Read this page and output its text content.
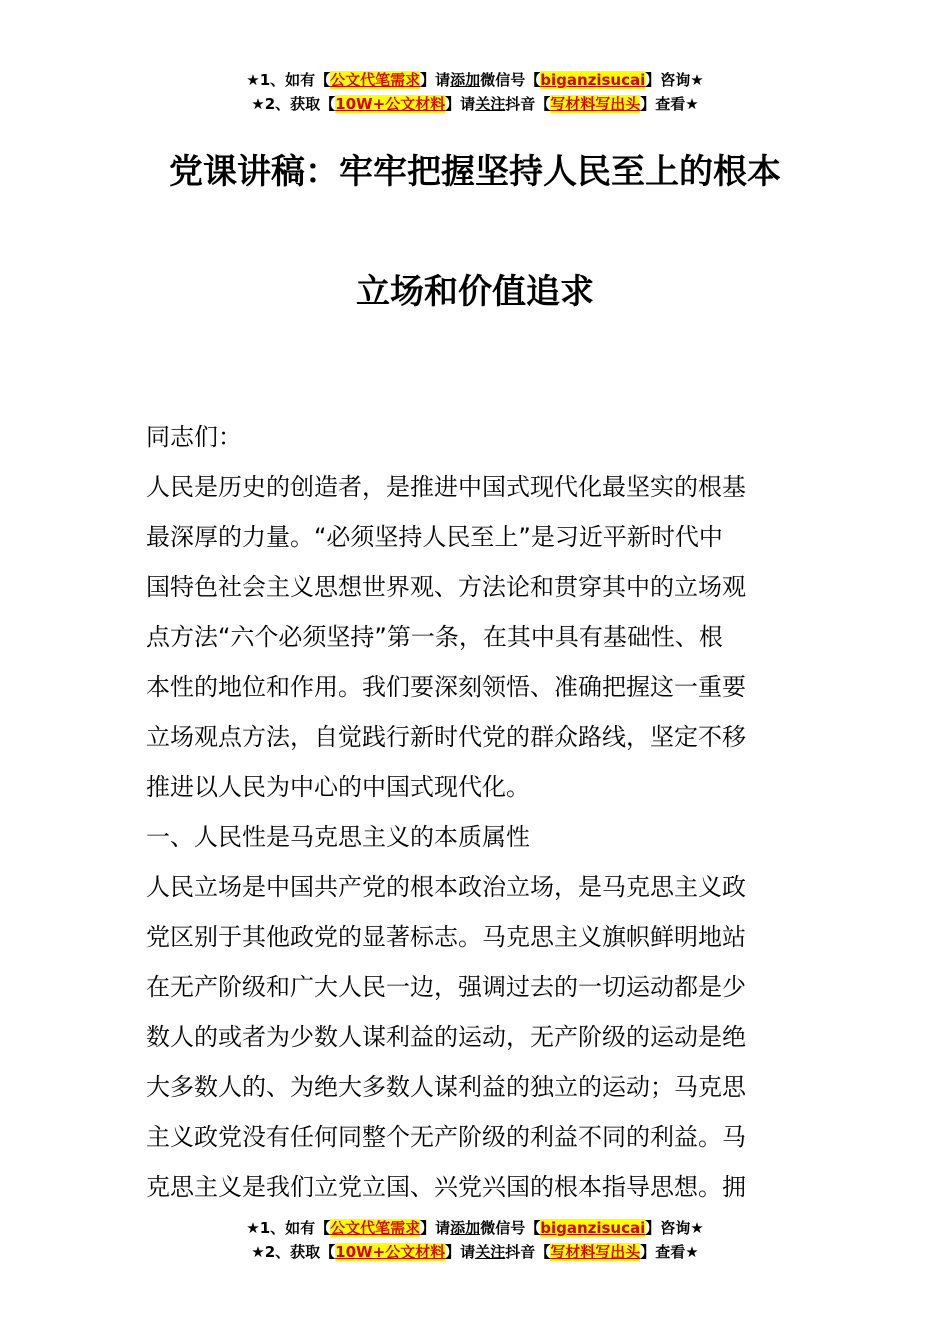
★1、如有【公文代笔需求】请添加微信号【biganzisucai】咨询★
★2、获取【10W+公文材料】请关注抖音【写材料写出头】查看★
党课讲稿：牢牢把握坚持人民至上的根本
立场和价值追求

同志们：

人民是历史的创造者，是推进中国式现代化最坚实的根基

最深厚的力量。“必须坚持人民至上”是习近平新时代中

国特色社会主义思想世界观、方法论和贯穿其中的立场观

点方法“六个必须坚持”第一条，在其中具有基础性、根

本性的地位和作用。我们要深刻领悟、准确把握这一重要

立场观点方法，自觉践行新时代党的群众路线，坚定不移

推进以人民为中心的中国式现代化。

一、人民性是马克思主义的本质属性

人民立场是中国共产党的根本政治立场，是马克思主义政

党区别于其他政党的显著标志。马克思主义旗帜鲜明地站

在无产阶级和广大人民一边，强调过去的一切运动都是少

数人的或者为少数人谋利益的运动，无产阶级的运动是绝

大多数人的、为绝大多数人谋利益的独立的运动；马克思

主义政党没有任何同整个无产阶级的利益不同的利益。马

克思主义是我们立党立国、兴党兴国的根本指导思想。拥

★1、如有【公文代笔需求】请添加微信号【biganzisucai】咨询★
★2、获取【10W+公文材料】请关注抖音【写材料写出头】查看★
